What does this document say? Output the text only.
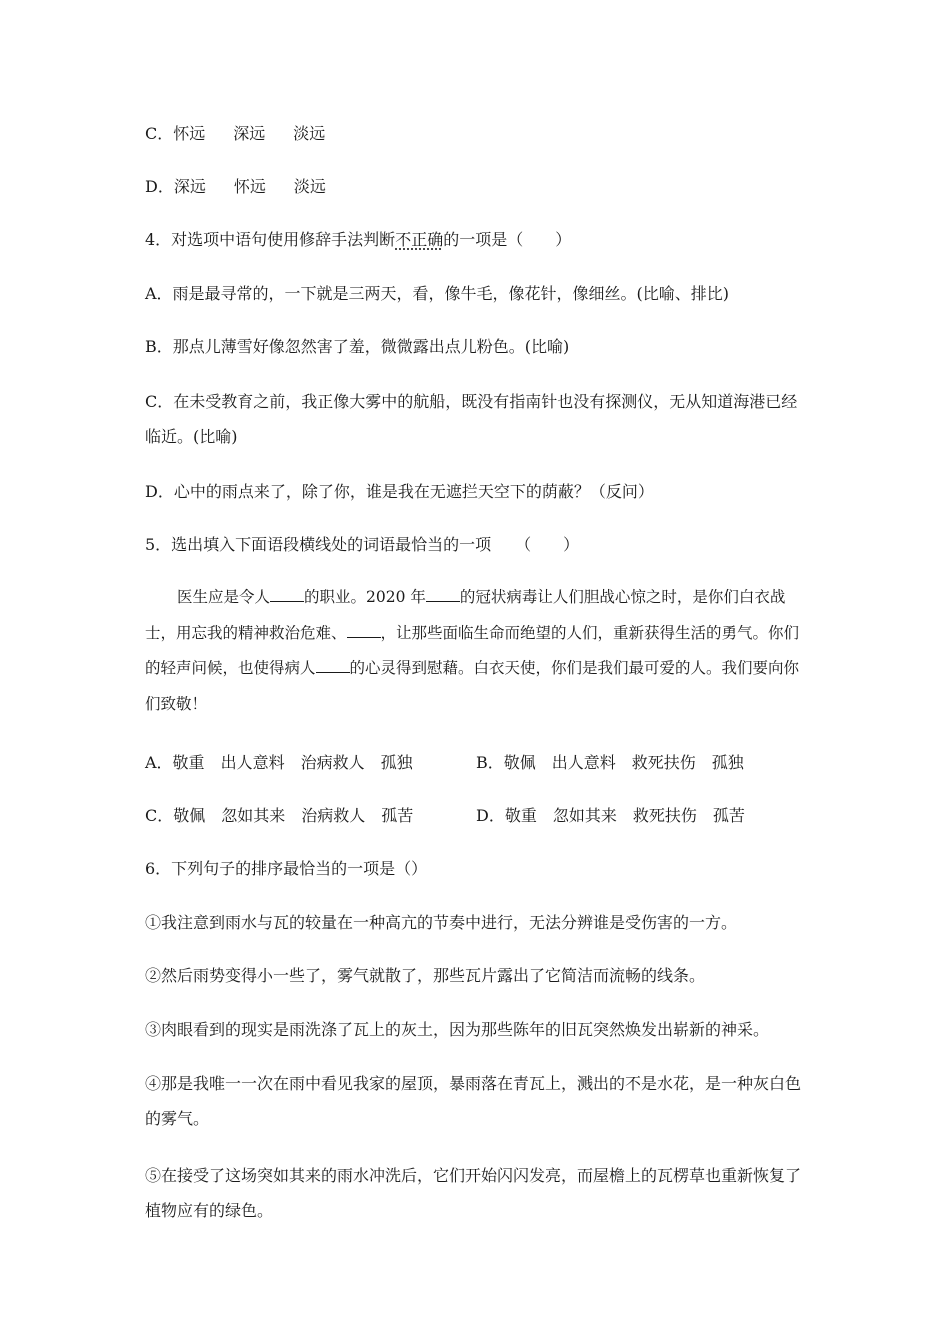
C．怀远 深远 淡远
D．深远 怀远 淡远
4．对选项中语句使用修辞手法判断不正确的一项是（　　）
A．雨是最寻常的，一下就是三两天，看，像牛毛，像花针，像细丝。(比喻、排比)
B．那点儿薄雪好像忽然害了羞，微微露出点儿粉色。(比喻)
C．在未受教育之前，我正像大雾中的航船，既没有指南针也没有探测仪，无从知道海港已经临近。(比喻)
D．心中的雨点来了，除了你，谁是我在无遮拦天空下的荫蔽？（反问）
5．选出填入下面语段横线处的词语最恰当的一项　　（　　）
医生应是令人 的职业。2020 年 的冠状病毒让人们胆战心惊之时，是你们白衣战士，用忘我的精神救治危难、 ，让那些面临生命而绝望的人们，重新获得生活的勇气。你们的轻声问候，也使得病人 的心灵得到慰藉。白衣天使，你们是我们最可爱的人。我们要向你们致敬！
A．敬重 出人意料 治病救人 孤独	B．敬佩 出人意料 救死扶伤 孤独
C．敬佩 忽如其来 治病救人 孤苦	D．敬重 忽如其来 救死扶伤 孤苦
6．下列句子的排序最恰当的一项是（）
①我注意到雨水与瓦的较量在一种高亢的节奏中进行，无法分辨谁是受伤害的一方。
②然后雨势变得小一些了，雾气就散了，那些瓦片露出了它简洁而流畅的线条。
③肉眼看到的现实是雨洗涤了瓦上的灰土，因为那些陈年的旧瓦突然焕发出崭新的神采。
④那是我唯一一次在雨中看见我家的屋顶，暴雨落在青瓦上，溅出的不是水花，是一种灰白色的雾气。
⑤在接受了这场突如其来的雨水冲洗后，它们开始闪闪发亮，而屋檐上的瓦楞草也重新恢复了植物应有的绿色。
